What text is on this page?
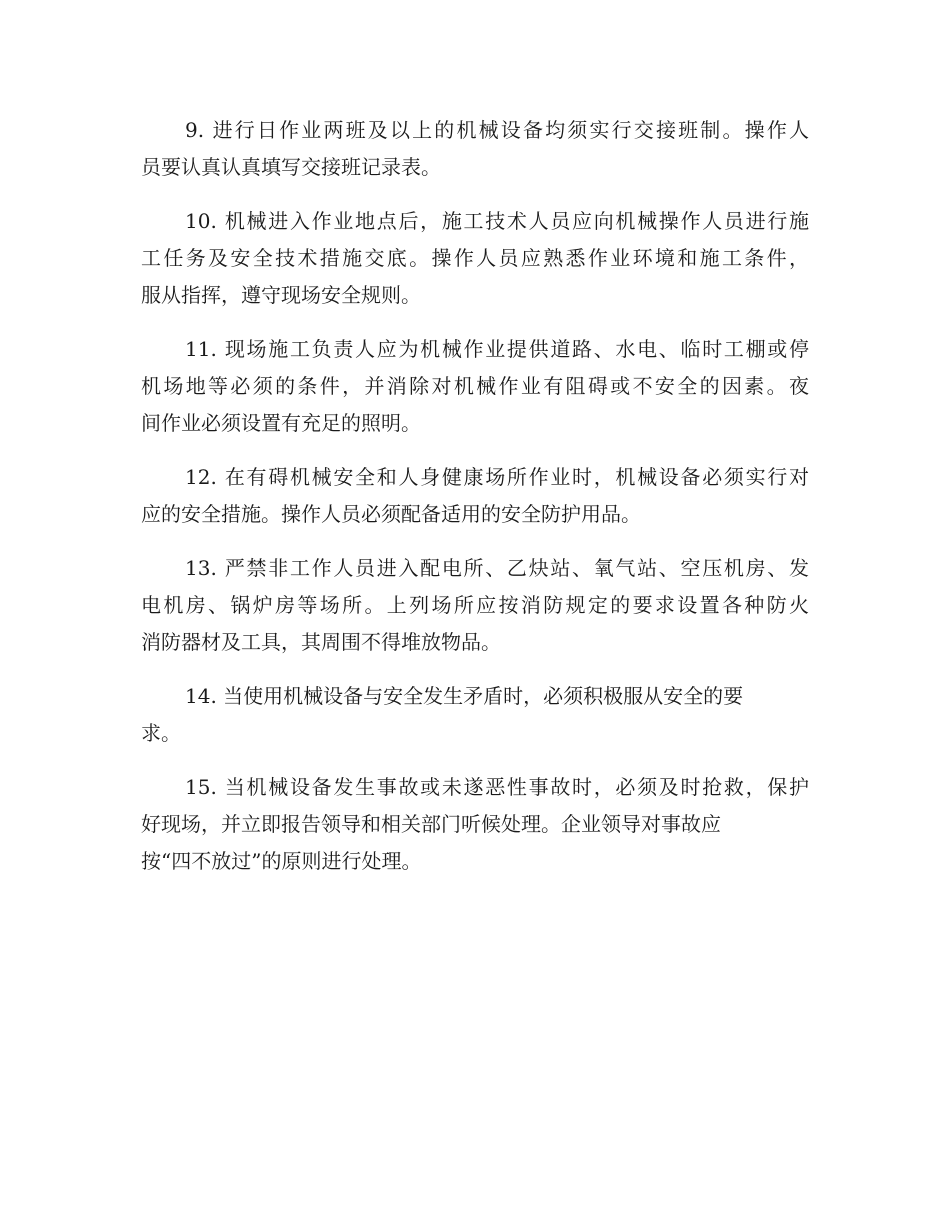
9. 进行日作业两班及以上的机械设备均须实行交接班制。操作人
员要认真认真填写交接班记录表。

10. 机械进入作业地点后，施工技术人员应向机械操作人员进行施
工任务及安全技术措施交底。操作人员应熟悉作业环境和施工条件，
服从指挥，遵守现场安全规则。

11. 现场施工负责人应为机械作业提供道路、水电、临时工棚或停
机场地等必须的条件，并消除对机械作业有阻碍或不安全的因素。夜
间作业必须设置有充足的照明。

12. 在有碍机械安全和人身健康场所作业时，机械设备必须实行对
应的安全措施。操作人员必须配备适用的安全防护用品。

13. 严禁非工作人员进入配电所、乙炔站、氧气站、空压机房、发
电机房、锅炉房等场所。上列场所应按消防规定的要求设置各种防火
消防器材及工具，其周围不得堆放物品。

14. 当使用机械设备与安全发生矛盾时，必须积极服从安全的要
求。

15. 当机械设备发生事故或未遂恶性事故时，必须及时抢救，保护
好现场，并立即报告领导和相关部门听候处理。企业领导对事故应
按“四不放过”的原则进行处理。
